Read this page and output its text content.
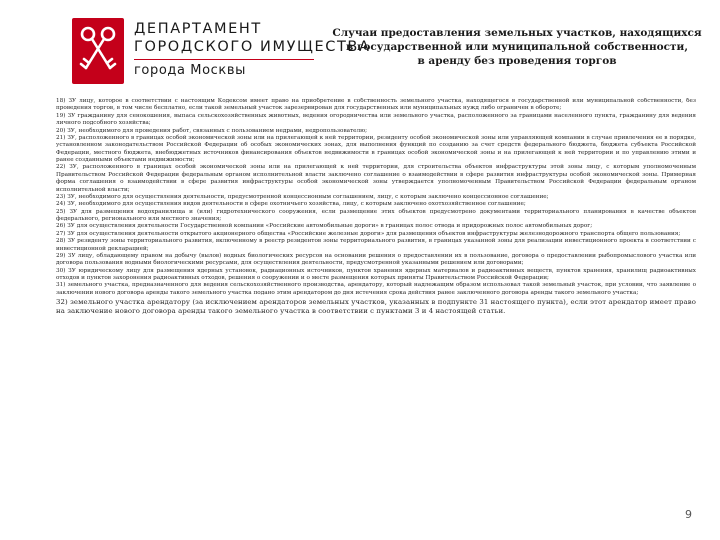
ДЕПАРТАМЕНТ
ГОРОДСКОГО ИМУЩЕСТВА
города Москвы
Случаи предоставления земельных участков, находящихся
в государственной или муниципальной собственности,
в аренду без проведения торгов

18) ЗУ лицу, которое в соответствии с настоящим Кодексом имеет право на приобретение в собственность земельного участка, находящегося в государственной или муниципальной собственности, без проведения торгов, в том числе бесплатно, если такой земельный участок зарезервирован для государственных или муниципальных нужд либо ограничен в обороте;

19) ЗУ гражданину для сенокошения, выпаса сельскохозяйственных животных, ведения огородничества или земельного участка, расположенного за границами населенного пункта, гражданину для ведения личного подсобного хозяйства;

20) ЗУ, необходимого для проведения работ, связанных с пользованием недрами, недропользователю;

21) ЗУ, расположенного в границах особой экономической зоны или на прилегающей к ней территории, резиденту особой экономической зоны или управляющей компании в случае привлечения ее в порядке, установленном законодательством Российской Федерации об особых экономических зонах, для выполнения функций по созданию за счет средств федерального бюджета, бюджета субъекта Российской Федерации, местного бюджета, внебюджетных источников финансирования объектов недвижимости в границах особой экономической зоны и на прилегающей к ней территории и по управлению этими и ранее созданными объектами недвижимости;

22) ЗУ, расположенного в границах особой экономической зоны или на прилегающей к ней территории, для строительства объектов инфраструктуры этой зоны лицу, с которым уполномоченным Правительством Российской Федерации федеральным органом исполнительной власти заключено соглашение о взаимодействии в сфере развития инфраструктуры особой экономической зоны. Примерная форма соглашения о взаимодействии в сфере развития инфраструктуры особой экономической зоны утверждается уполномоченным Правительством Российской Федерации федеральным органом исполнительной власти;

23) ЗУ, необходимого для осуществления деятельности, предусмотренной концессионным соглашением, лицу, с которым заключено концессионное соглашение;

24) ЗУ, необходимого для осуществления видов деятельности в сфере охотничьего хозяйства, лицу, с которым заключено охотхозяйственное соглашение;

25) ЗУ для размещения водохранилища и (или) гидротехнического сооружения, если размещение этих объектов предусмотрено документами территориального планирования в качестве объектов федерального, регионального или местного значения;

26) ЗУ для осуществления деятельности Государственной компании «Российские автомобильные дороги» в границах полос отвода и придорожных полос автомобильных дорог;

27) ЗУ для осуществления деятельности открытого акционерного общества «Российские железные дороги» для размещения объектов инфраструктуры железнодорожного транспорта общего пользования;

28) ЗУ резиденту зоны территориального развития, включенному в реестр резидентов зоны территориального развития, в границах указанной зоны для реализации инвестиционного проекта в соответствии с инвестиционной декларацией;

29) ЗУ лицу, обладающему правом на добычу (вылов) водных биологических ресурсов на основании решения о предоставлении их в пользование, договора о предоставлении рыбопромыслового участка или договора пользования водными биологическими ресурсами, для осуществления деятельности, предусмотренной указанными решением или договорами;

30) ЗУ юридическому лицу для размещения ядерных установок, радиационных источников, пунктов хранения ядерных материалов и радиоактивных веществ, пунктов хранения, хранилищ радиоактивных отходов и пунктов захоронения радиоактивных отходов, решения о сооружении и о месте размещения которых приняты Правительством Российской Федерации;

31) земельного участка, предназначенного для ведения сельскохозяйственного производства, арендатору, который надлежащим образом использовал такой земельный участок, при условии, что заявление о заключении нового договора аренды такого земельного участка подано этим арендатором до дня истечения срока действия ранее заключенного договора аренды такого земельного участка;

32) земельного участка арендатору (за исключением арендаторов земельных участков, указанных в подпункте 31 настоящего пункта), если этот арендатор имеет право на заключение нового договора аренды такого земельного участка в соответствии с пунктами 3 и 4 настоящей статьи.

9
